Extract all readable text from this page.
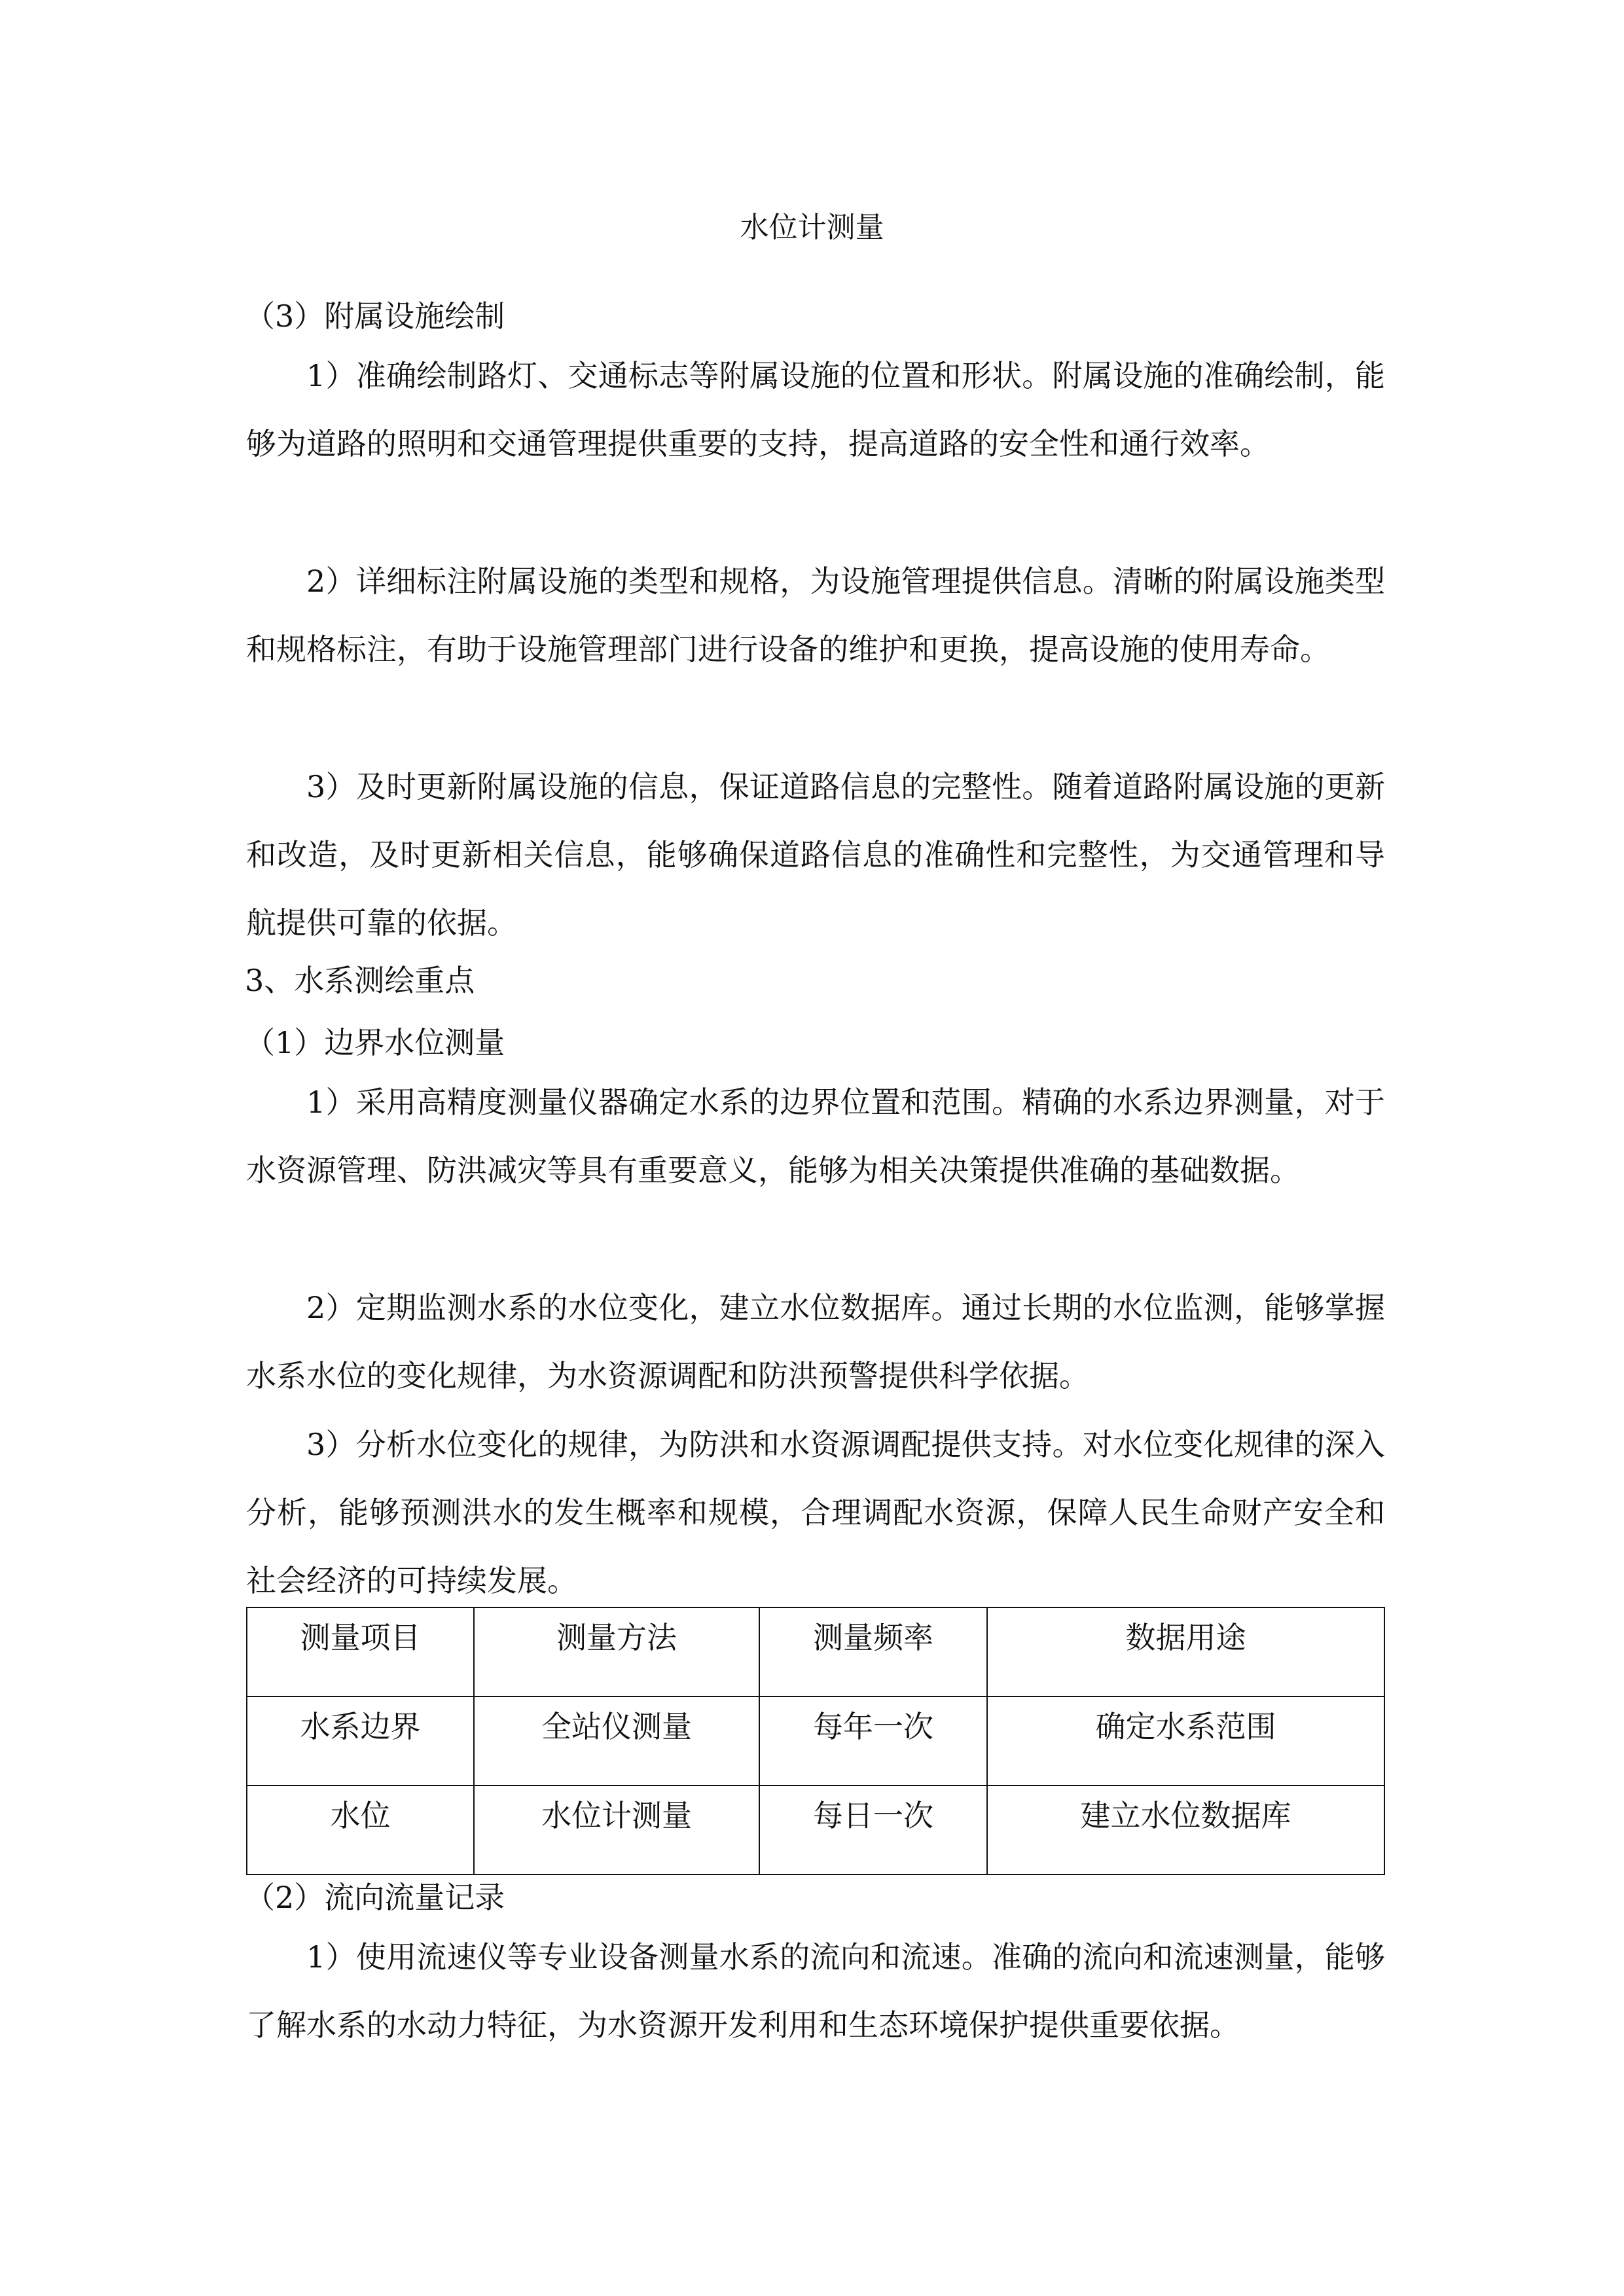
水位计测量
（3）附属设施绘制
1）准确绘制路灯、交通标志等附属设施的位置和形状。附属设施的准确绘制，能够为道路的照明和交通管理提供重要的支持，提高道路的安全性和通行效率。
2）详细标注附属设施的类型和规格，为设施管理提供信息。清晰的附属设施类型和规格标注，有助于设施管理部门进行设备的维护和更换，提高设施的使用寿命。
3）及时更新附属设施的信息，保证道路信息的完整性。随着道路附属设施的更新和改造，及时更新相关信息，能够确保道路信息的准确性和完整性，为交通管理和导航提供可靠的依据。
3、水系测绘重点
（1）边界水位测量
1）采用高精度测量仪器确定水系的边界位置和范围。精确的水系边界测量，对于水资源管理、防洪减灾等具有重要意义，能够为相关决策提供准确的基础数据。
2）定期监测水系的水位变化，建立水位数据库。通过长期的水位监测，能够掌握水系水位的变化规律，为水资源调配和防洪预警提供科学依据。
3）分析水位变化的规律，为防洪和水资源调配提供支持。对水位变化规律的深入分析，能够预测洪水的发生概率和规模，合理调配水资源，保障人民生命财产安全和社会经济的可持续发展。
测量项目	测量方法	测量频率	数据用途
水系边界	全站仪测量	每年一次	确定水系范围
水位	水位计测量	每日一次	建立水位数据库
（2）流向流量记录
1）使用流速仪等专业设备测量水系的流向和流速。准确的流向和流速测量，能够了解水系的水动力特征，为水资源开发利用和生态环境保护提供重要依据。
